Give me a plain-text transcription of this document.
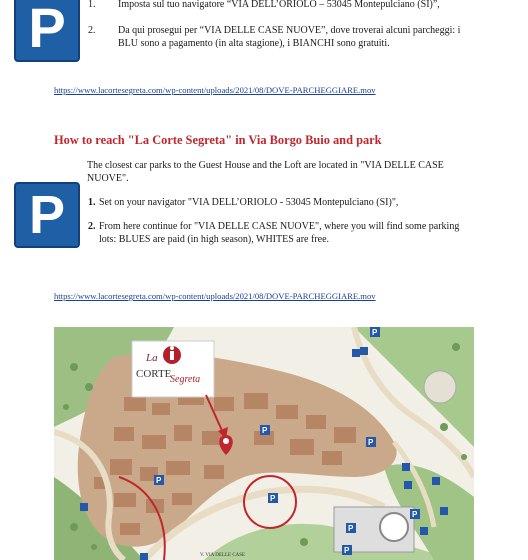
P 1. Imposta sul tuo navigatore “VIA DELL’ORIOLO – 53045 Montepulciano (SI)”,
2. Da qui prosegui per “VIA DELLE CASE NUOVE”, dove troverai alcuni parcheggi: i BLU sono a pagamento (in alta stagione), i BIANCHI sono gratuiti.
https://www.lacortesegreta.com/wp-content/uploads/2021/08/DOVE-PARCHEGGIARE.mov
How to reach "La Corte Segreta" in Via Borgo Buio and park
The closest car parks to the Guest House and the Loft are located in "VIA DELLE CASE NUOVE".
P 1. Set on your navigator "VIA DELL’ORIOLO - 53045 Montepulciano (SI)",
2. From here continue for "VIA DELLE CASE NUOVE", where you will find some parking lots: BLUES are paid (in high season), WHITES are free.
https://www.lacortesegreta.com/wp-content/uploads/2021/08/DOVE-PARCHEGGIARE.mov
La
CORTE
Segreta
P
P
P
P
P
P
P
P
V. VIA DELLE CASE
